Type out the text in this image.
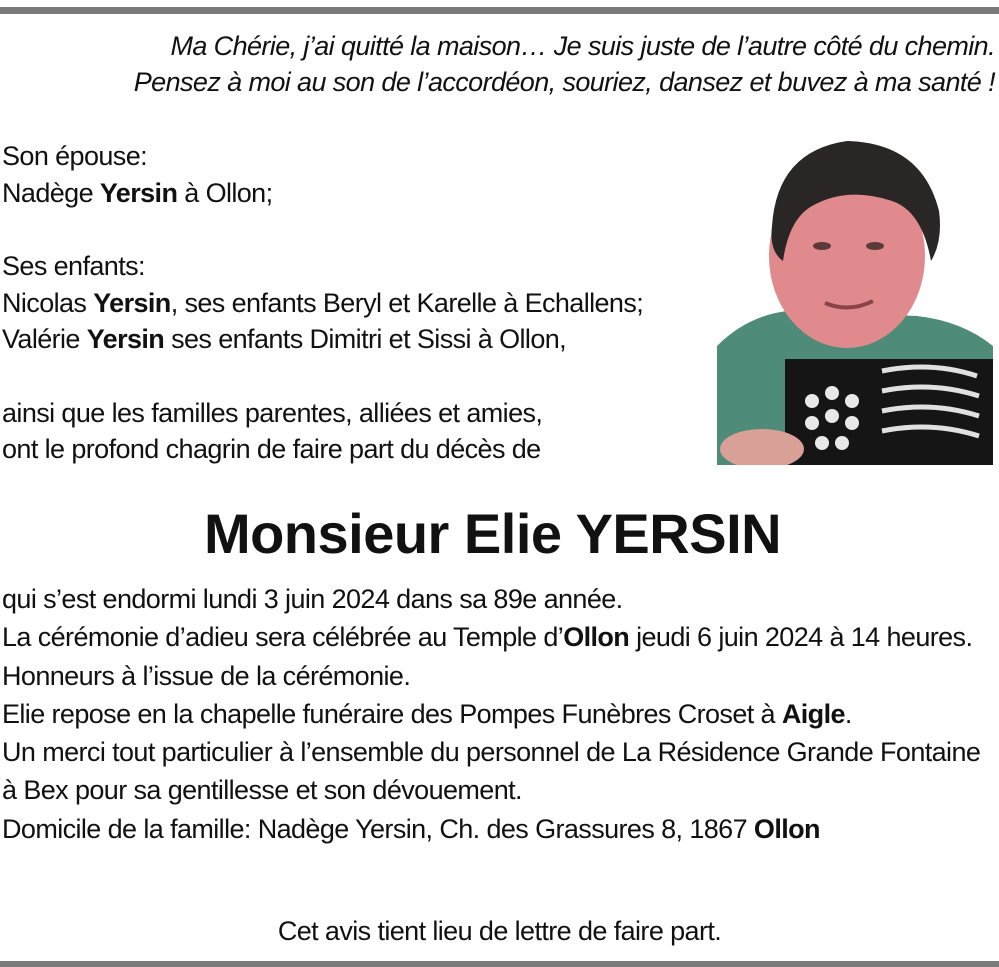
Ma Chérie, j’ai quitté la maison… Je suis juste de l’autre côté du chemin.
Pensez à moi au son de l’accordéon, souriez, dansez et buvez à ma santé !

Son épouse:

Nadège Yersin à Ollon;

Ses enfants:

Nicolas Yersin, ses enfants Beryl et Karelle à Echallens;

Valérie Yersin ses enfants Dimitri et Sissi à Ollon,

ainsi que les familles parentes, alliées et amies,

ont le profond chagrin de faire part du décès de

Monsieur Elie YERSIN

qui s’est endormi lundi 3 juin 2024 dans sa 89e année.

La cérémonie d’adieu sera célébrée au Temple d’Ollon jeudi 6 juin 2024 à 14 heures.

Honneurs à l’issue de la cérémonie.

Elie repose en la chapelle funéraire des Pompes Funèbres Croset à Aigle.

Un merci tout particulier à l’ensemble du personnel de La Résidence Grande Fontaine à Bex pour sa gentillesse et son dévouement.

Domicile de la famille: Nadège Yersin, Ch. des Grassures 8, 1867 Ollon

Cet avis tient lieu de lettre de faire part.
